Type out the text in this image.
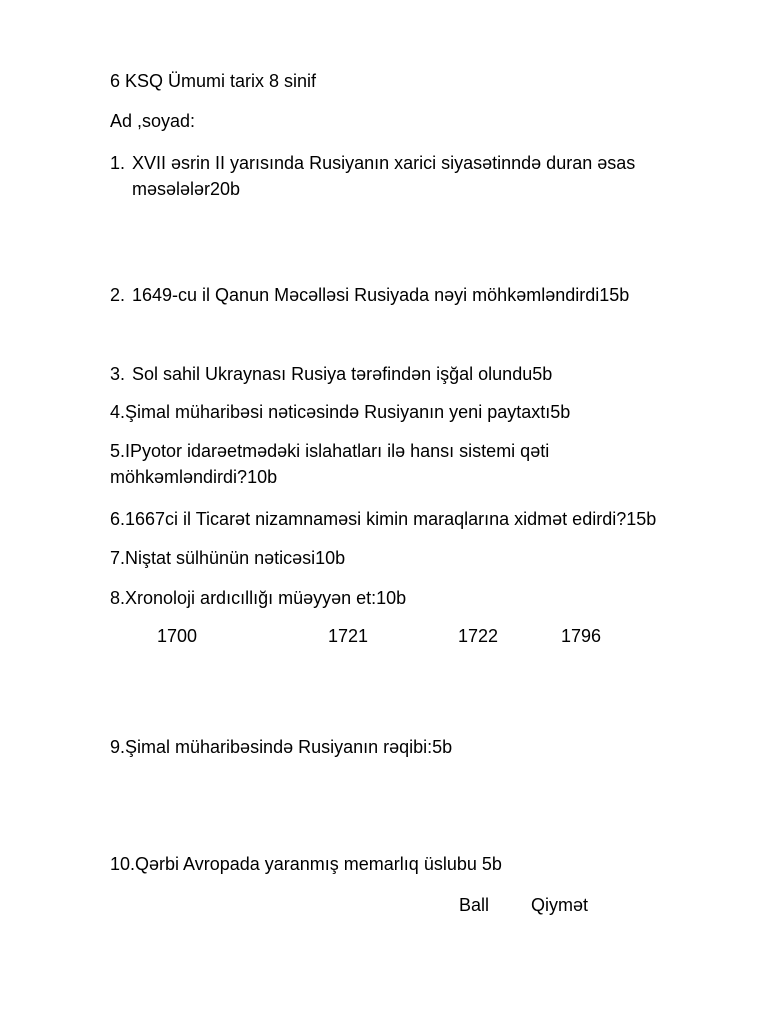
6 KSQ Ümumi tarix 8 sinif
Ad ,soyad:
1. XVII əsrin II yarısında Rusiyanın xarici siyasətinndə duran əsas məsələlər20b
2. 1649-cu il Qanun Məcəlləsi Rusiyada nəyi möhkəmləndirdi15b
3. Sol sahil Ukraynası Rusiya tərəfindən işğal olundu5b
4.Şimal müharibəsi nəticəsində Rusiyanın yeni paytaxtı5b
5.IPyotor idarəetmədəki islahatları ilə hansı sistemi qəti möhkəmləndirdi?10b
6.1667ci il Ticarət nizamnaməsi kimin maraqlarına xidmət edirdi?15b
7.Niştat sülhünün nəticəsi10b
8.Xronoloji ardıcıllığı müəyyən et:10b
1700	1721	1722	1796
9.Şimal müharibəsində Rusiyanın rəqibi:5b
10.Qərbi Avropada yaranmış memarlıq üslubu 5b
Ball Qiymət
